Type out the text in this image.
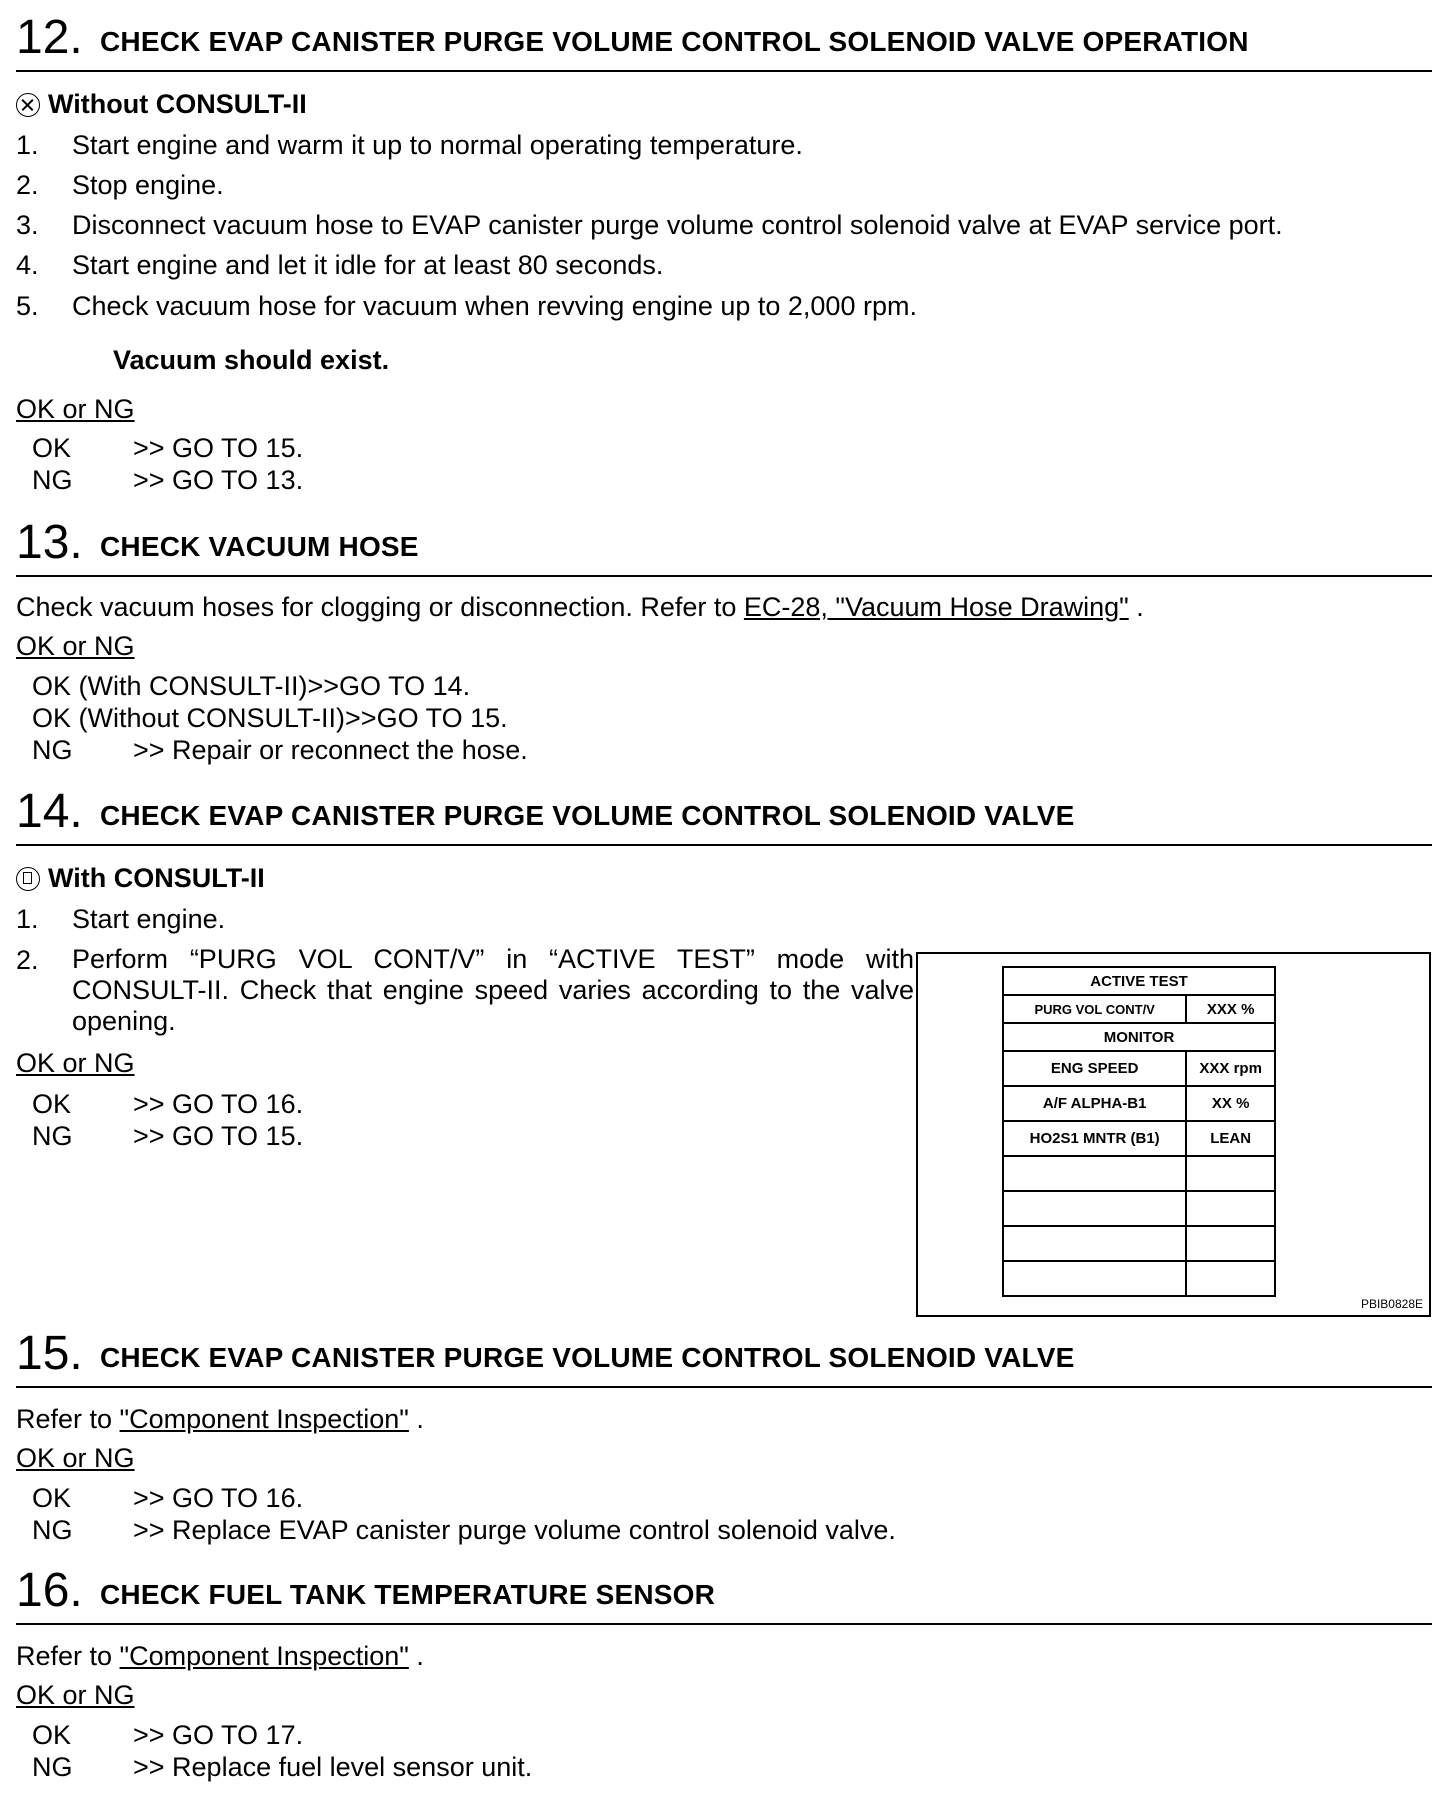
12. CHECK EVAP CANISTER PURGE VOLUME CONTROL SOLENOID VALVE OPERATION
Without CONSULT-II
1. Start engine and warm it up to normal operating temperature.
2. Stop engine.
3. Disconnect vacuum hose to EVAP canister purge volume control solenoid valve at EVAP service port.
4. Start engine and let it idle for at least 80 seconds.
5. Check vacuum hose for vacuum when revving engine up to 2,000 rpm.
Vacuum should exist.
OK or NG
OK >> GO TO 15.
NG >> GO TO 13.
13. CHECK VACUUM HOSE
Check vacuum hoses for clogging or disconnection. Refer to EC-28, "Vacuum Hose Drawing" .
OK or NG
OK (With CONSULT-II)>>GO TO 14.
OK (Without CONSULT-II)>>GO TO 15.
NG >> Repair or reconnect the hose.
14. CHECK EVAP CANISTER PURGE VOLUME CONTROL SOLENOID VALVE
With CONSULT-II
1. Start engine.
2. Perform “PURG VOL CONT/V” in “ACTIVE TEST” mode with CONSULT-II. Check that engine speed varies according to the valve opening.
OK or NG
OK >> GO TO 16.
NG >> GO TO 15.
ACTIVE TEST	
PURG VOL CONT/V	XXX %
MONITOR	
ENG SPEED	XXX rpm
A/F ALPHA-B1	XX %
HO2S1 MNTR (B1)	LEAN

PBIB0828E
15. CHECK EVAP CANISTER PURGE VOLUME CONTROL SOLENOID VALVE
Refer to "Component Inspection" .
OK or NG
OK >> GO TO 16.
NG >> Replace EVAP canister purge volume control solenoid valve.
16. CHECK FUEL TANK TEMPERATURE SENSOR
Refer to "Component Inspection" .
OK or NG
OK >> GO TO 17.
NG >> Replace fuel level sensor unit.
